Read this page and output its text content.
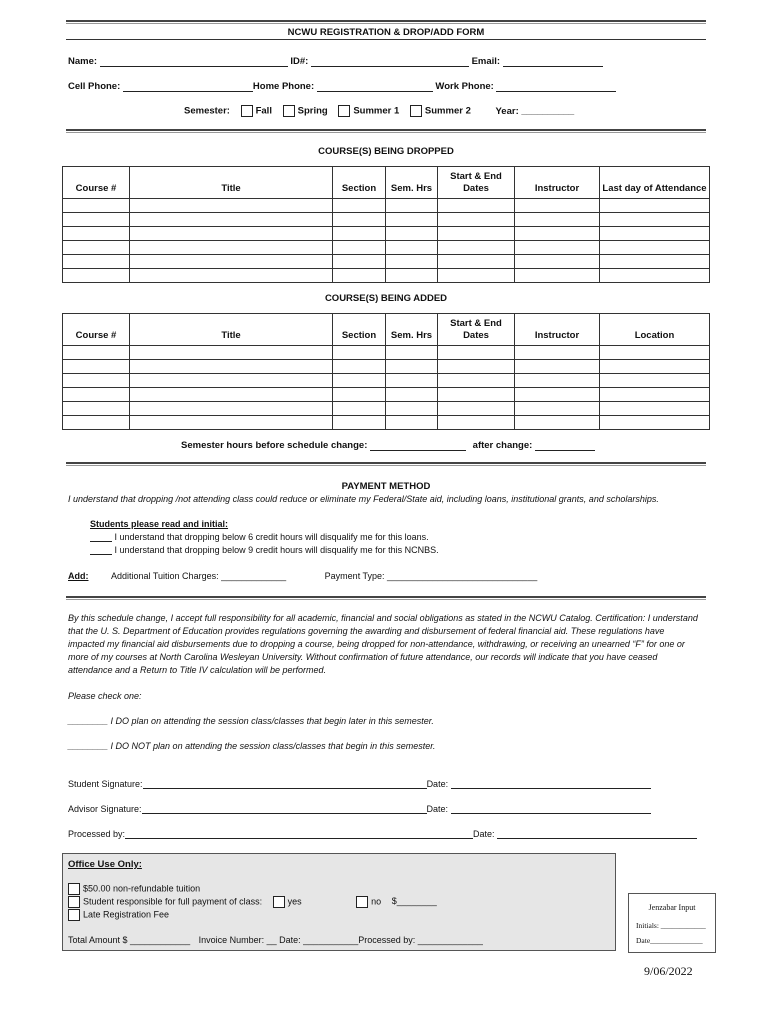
NCWU REGISTRATION & DROP/ADD FORM
Name:	ID#:	Email:
Cell Phone:	Home Phone:	Work Phone:
Semester:	Fall	Spring	Summer 1	Summer 2	Year: __________
COURSE(S) BEING DROPPED
Course #	Title	Section	Sem. Hrs	Start & End Dates	Instructor	Last day of Attendance

COURSE(S) BEING ADDED
Course #	Title	Section	Sem. Hrs	Start & End Dates	Instructor	Location

Semester hours before schedule change:	after change:
PAYMENT METHOD
I understand that dropping /not attending class could reduce or eliminate my Federal/State aid, including loans, institutional grants, and scholarships.
Students please read and initial:
I understand that dropping below 6 credit hours will disqualify me for this loans.
I understand that dropping below 9 credit hours will disqualify me for this NCNBS.
Add:	Additional Tuition Charges: _____________	Payment Type: ______________________________
By this schedule change, I accept full responsibility for all academic, financial and social obligations as stated in the NCWU Catalog. Certification: I understand that the U. S. Department of Education provides regulations governing the awarding and disbursement of federal financial aid. These regulations have impacted my financial aid disbursements due to dropping a course, being dropped for non-attendance, withdrawing, or receiving an unearned “F” for one or more of my courses at North Carolina Wesleyan University. Without confirmation of future attendance, our records will indicate that you have ceased attendance and a Return to Title IV calculation will be performed.
Please check one:
________ I DO plan on attending the session class/classes that begin later in this semester.
________ I DO NOT plan on attending the session class/classes that begin in this semester.
Student Signature:	Date:
Advisor Signature:	Date:
Processed by:	Date:
Office Use Only:
$50.00 non-refundable tuition
Student responsible for full payment of class:	yes	no $________
Late Registration Fee
Total Amount $ ____________ Invoice Number: __ Date: ___________Processed by: _____________
Jenzabar Input
Initials: ____________
Date______________
9/06/2022
